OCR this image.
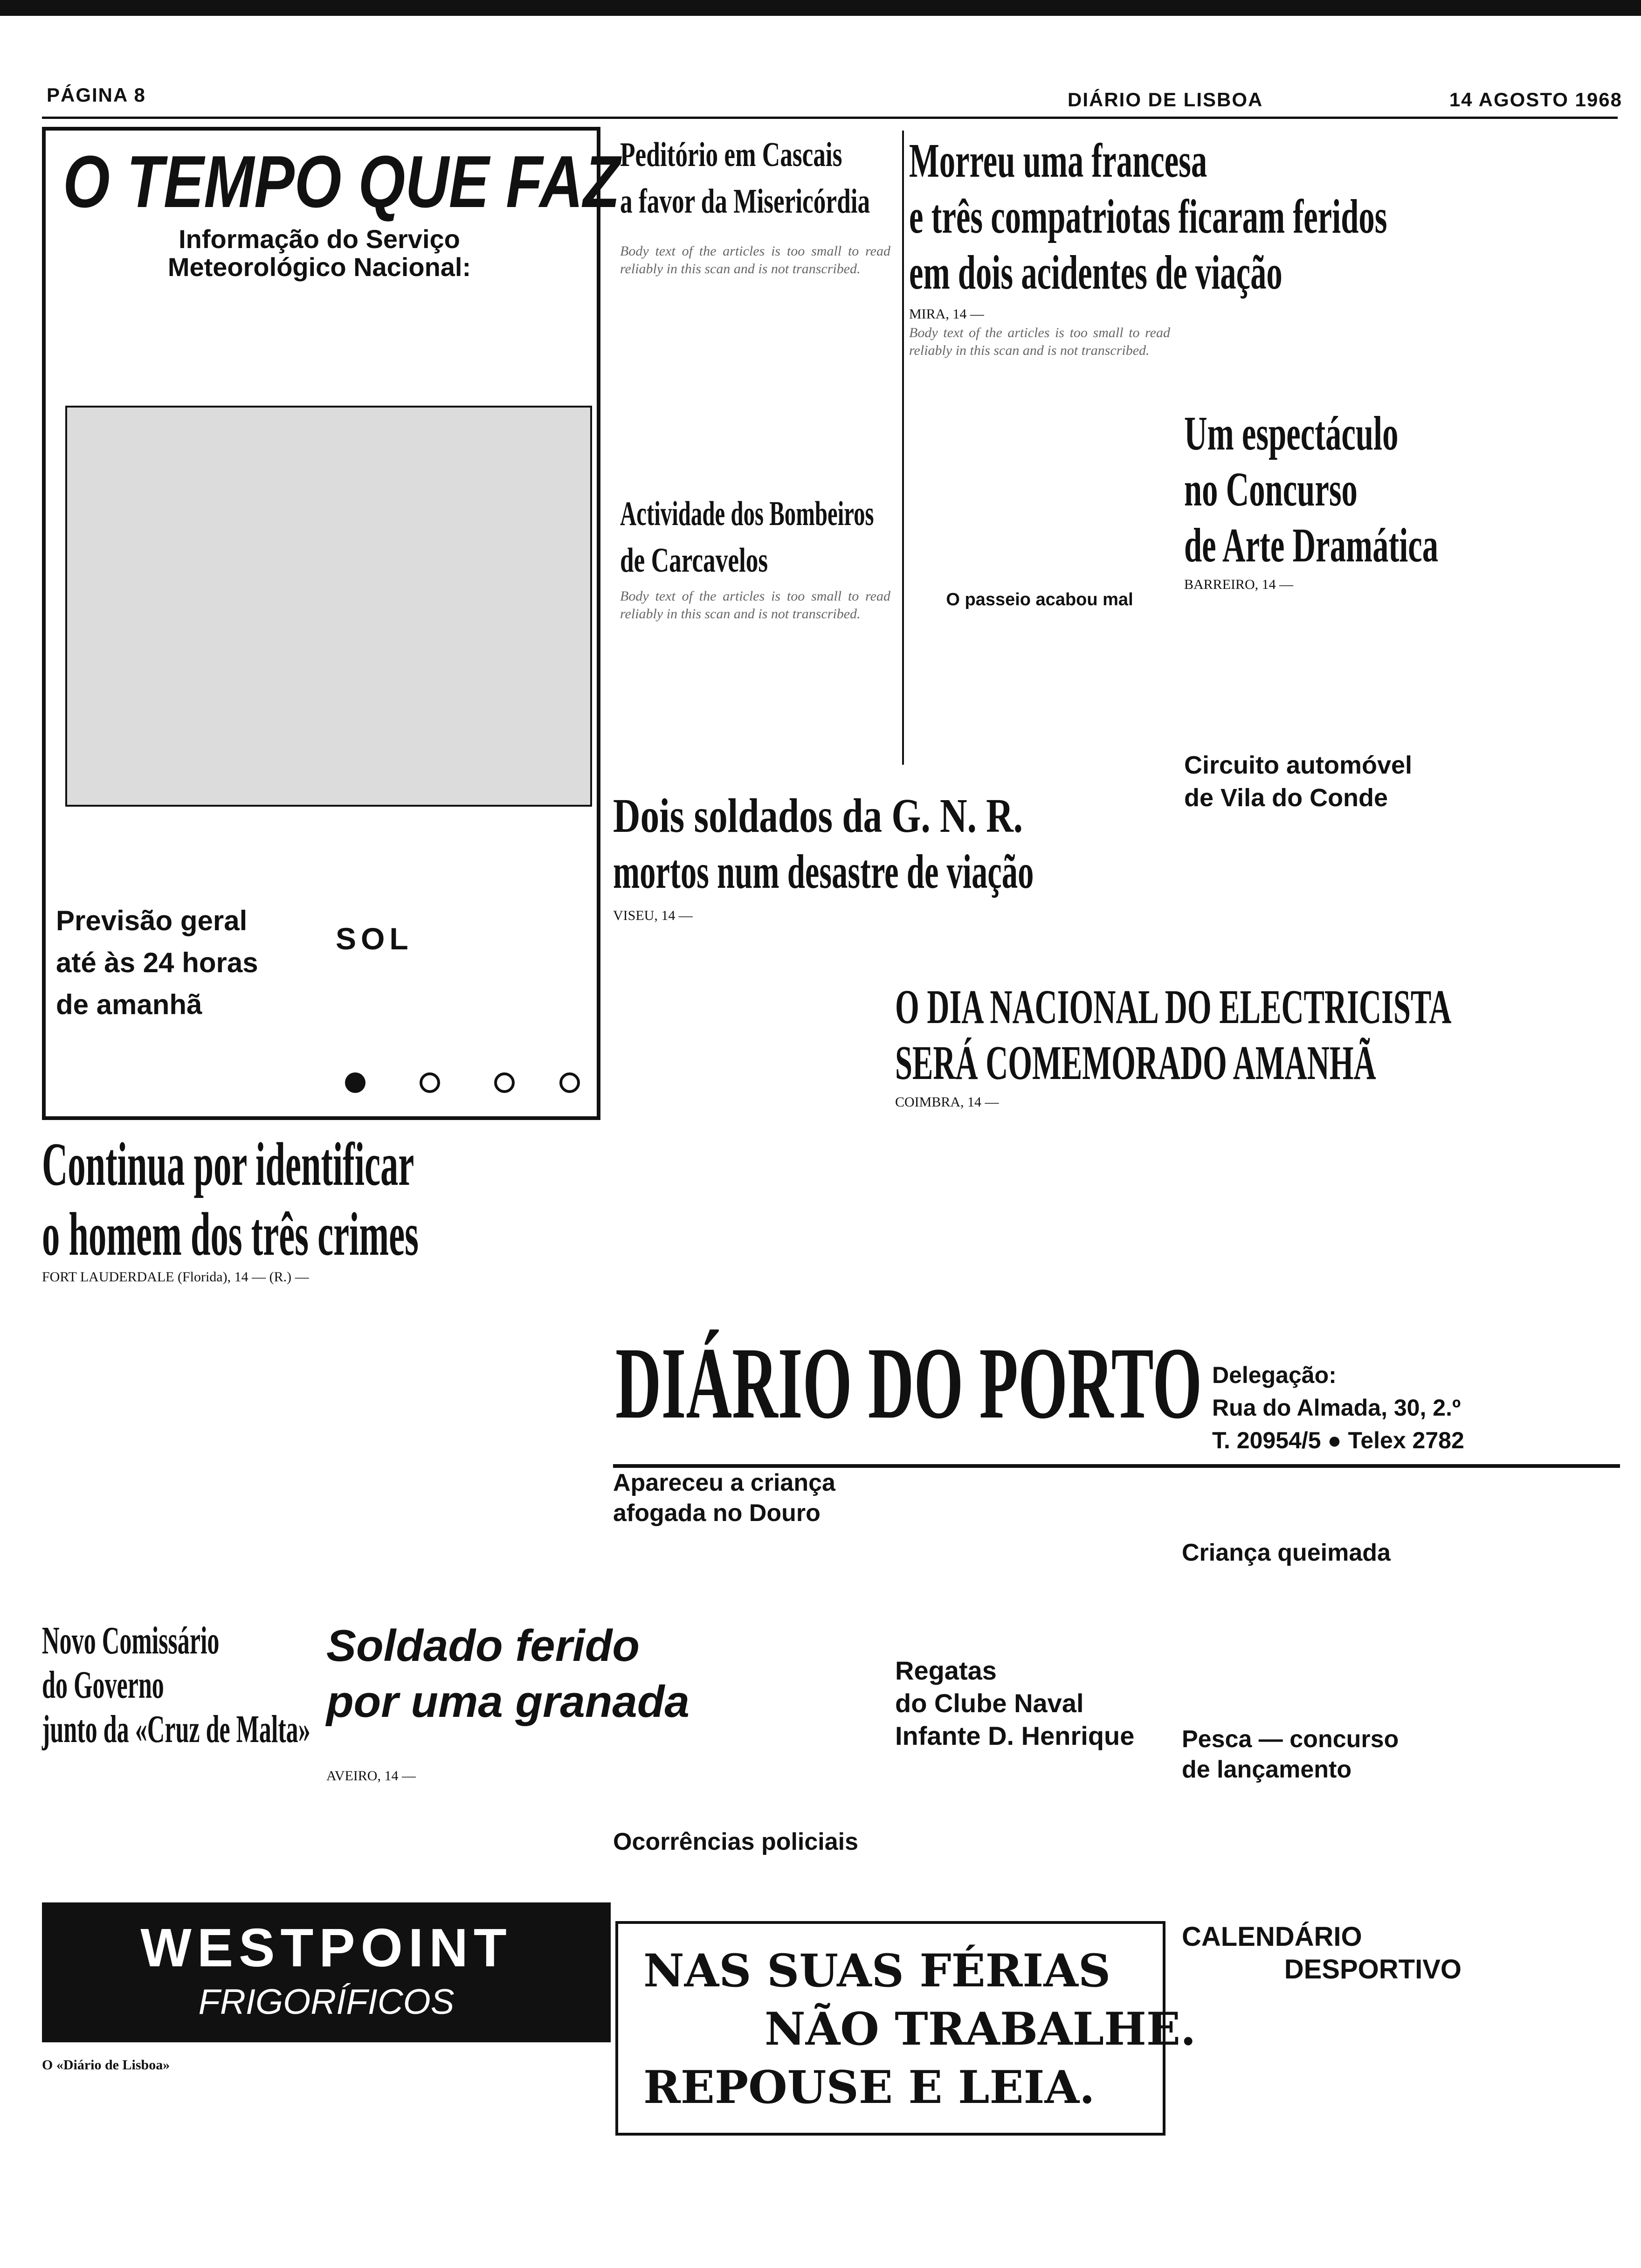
PÁGINA 8	DIÁRIO DE LISBOA	14 AGOSTO 1968
O TEMPO QUE FAZ
Informação do Serviço
Meteorológico Nacional:
Previsão geral
até às 24 horas
de amanhã
SOL
Peditório em Cascais
a favor da Misericórdia
Body text of the articles is too small to read reliably in this scan and is not transcribed.
Actividade dos Bombeiros
de Carcavelos
Body text of the articles is too small to read reliably in this scan and is not transcribed.
Morreu uma francesa
e três compatriotas ficaram feridos
em dois acidentes de viação
MIRA, 14 —
Body text of the articles is too small to read reliably in this scan and is not transcribed.
O passeio acabou mal
Um espectáculo
no Concurso
de Arte Dramática
BARREIRO, 14 —
Circuito automóvel
de Vila do Conde
Dois soldados da G. N. R.
mortos num desastre de viação
VISEU, 14 —
O DIA NACIONAL DO ELECTRICISTA
SERÁ COMEMORADO AMANHÃ
COIMBRA, 14 —
Continua por identificar
o homem dos três crimes
FORT LAUDERDALE (Florida), 14 — (R.) —
Novo Comissário
do Governo
junto da «Cruz de Malta»
Soldado ferido
por uma granada
AVEIRO, 14 —
WESTPOINT
FRIGORÍFICOS
DIÁRIO DO PORTO Delegação:
Rua do Almada, 30, 2.º
T. 20954/5 ● Telex 2782
Apareceu a criança
afogada no Douro
Regatas
do Clube Naval
Infante D. Henrique
Ocorrências policiais
Criança queimada
Pesca — concurso
de lançamento
CALENDÁRIO
DESPORTIVO
NAS SUAS FÉRIAS
NÃO TRABALHE.
REPOUSE E LEIA.
O «Diário de Lisboa»
